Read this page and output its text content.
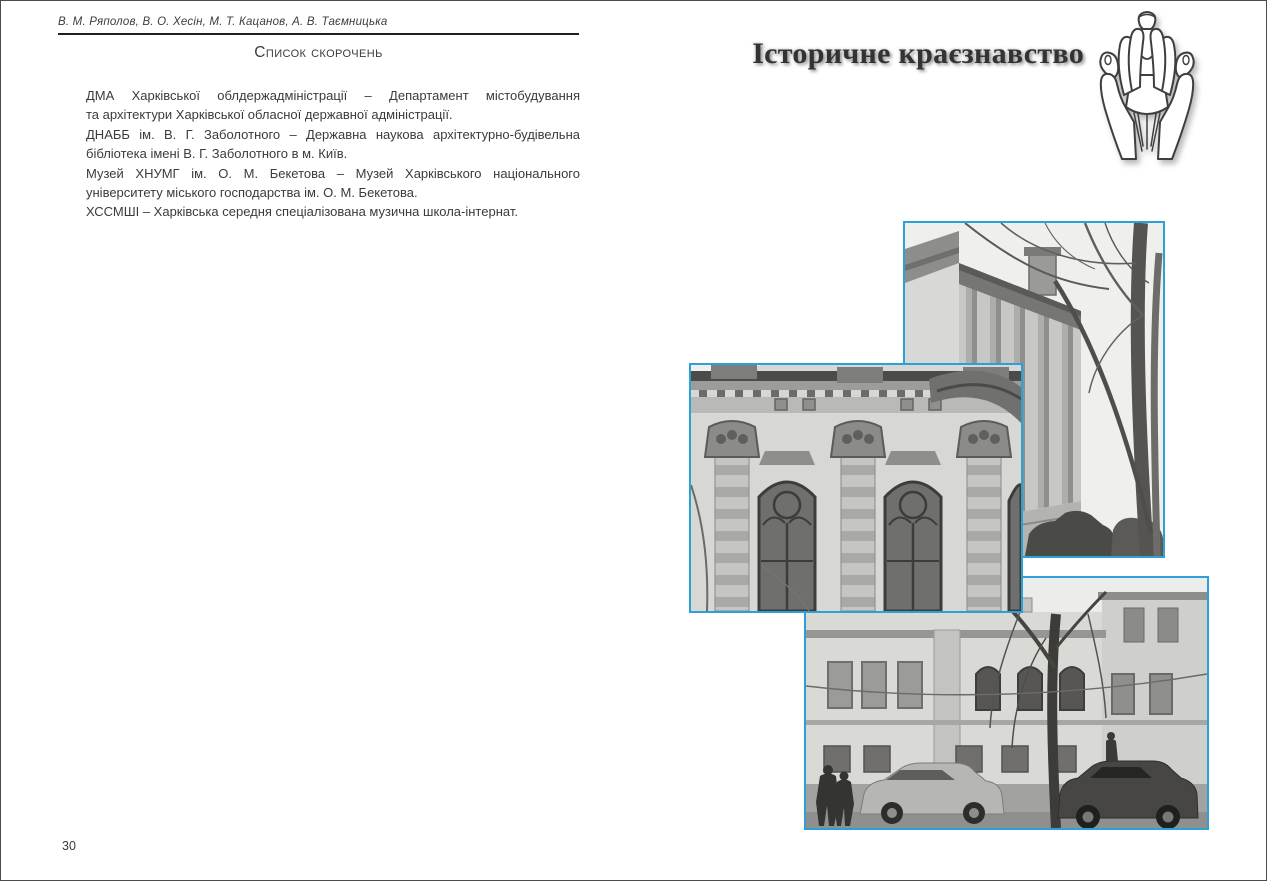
В. М. Ряполов, В. О. Хесін, М. Т. Кацанов, А. В. Таємницька
Список скорочень
ДМА Харківської облдержадміністрації – Департамент містобудування
та архітектури Харківської обласної державної адміністрації.
ДНАББ ім. В. Г. Заболотного – Державна наукова архітектурно-будівельна
бібліотека імені В. Г. Заболотного в м. Київ.
Музей ХНУМГ ім. О. М. Бекетова – Музей Харківського національного
університету міського господарства ім. О. М. Бекетова.
ХССМШІ – Харківська середня спеціалізована музична школа-інтернат.
30
Історичне краєзнавство
